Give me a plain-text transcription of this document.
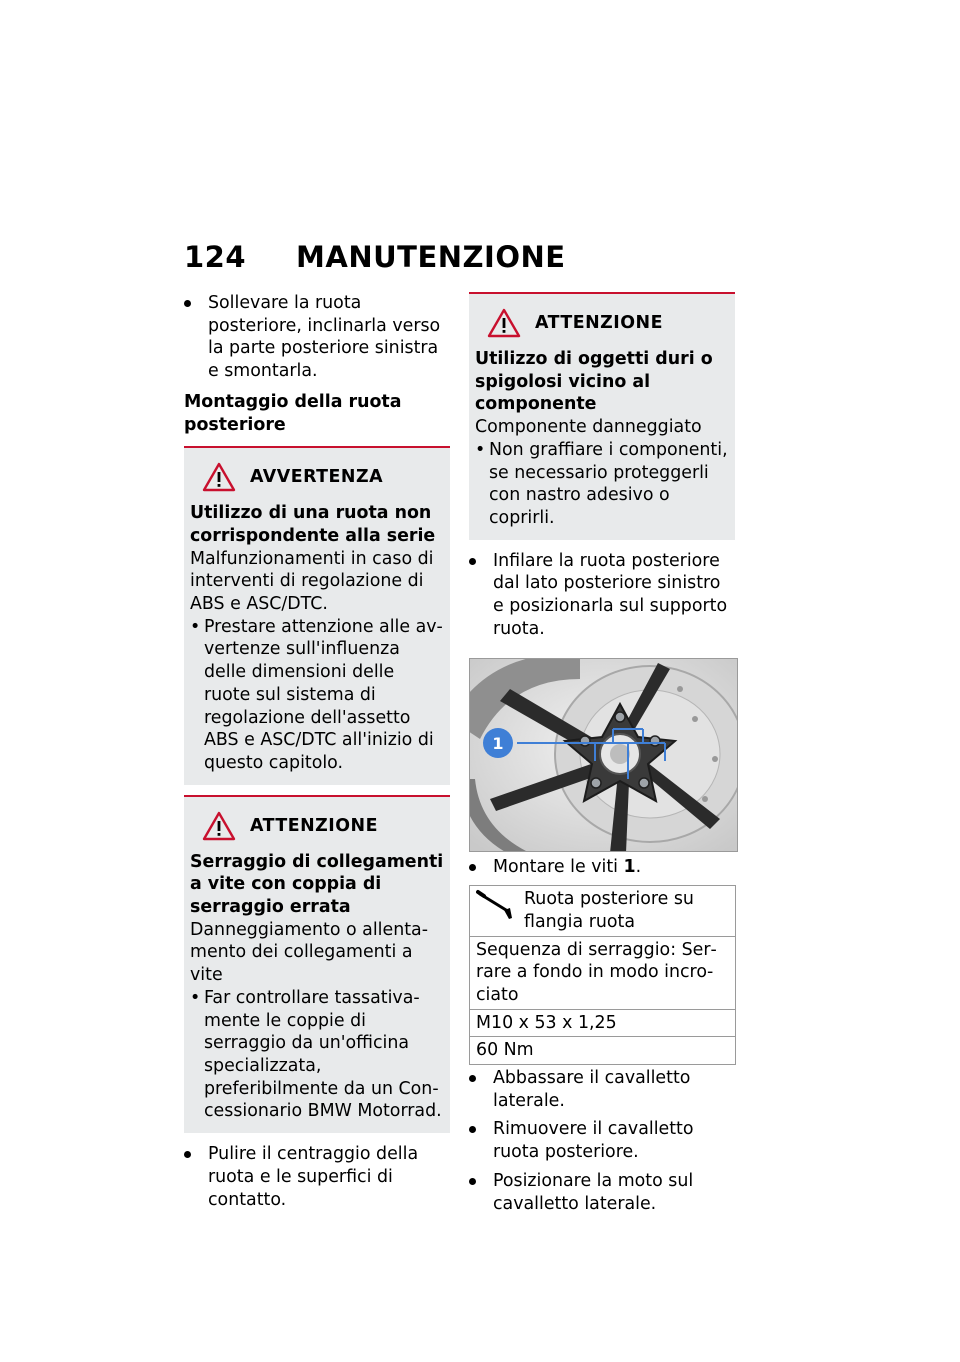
124 MANUTENZIONE

Sollevare la ruota posteriore, inclinarla verso la parte posteriore sinistra e smontarla.

Montaggio della ruota posteriore

AVVERTENZA

Utilizzo di una ruota non corrispondente alla serie

Malfunzionamenti in caso di interventi di regolazione di ABS e ASC/DTC.

• Prestare attenzione alle avvertenze sull'influenza delle dimensioni delle ruote sul sistema di regolazione dell'assetto ABS e ASC/DTC all'inizio di questo capitolo.

ATTENZIONE

Serraggio di collegamenti a vite con coppia di serraggio errata

Danneggiamento o allentamento dei collegamenti a vite

• Far controllare tassativamente le coppie di serraggio da un'officina specializzata, preferibilmente da un Concessionario BMW Motorrad.

Pulire il centraggio della ruota e le superfici di contatto.

ATTENZIONE

Utilizzo di oggetti duri o spigolosi vicino al componente

Componente danneggiato

• Non graffiare i componenti, se necessario proteggerli con nastro adesivo o coprirli.

Infilare la ruota posteriore dal lato posteriore sinistro e posizionarla sul supporto ruota.

1

Montare le viti 1.

Ruota posteriore su flangia ruota

Sequenza di serraggio: Serrare a fondo in modo incrociato
M10 x 53 x 1,25
60 Nm

Abbassare il cavalletto laterale.

Rimuovere il cavalletto ruota posteriore.

Posizionare la moto sul cavalletto laterale.
